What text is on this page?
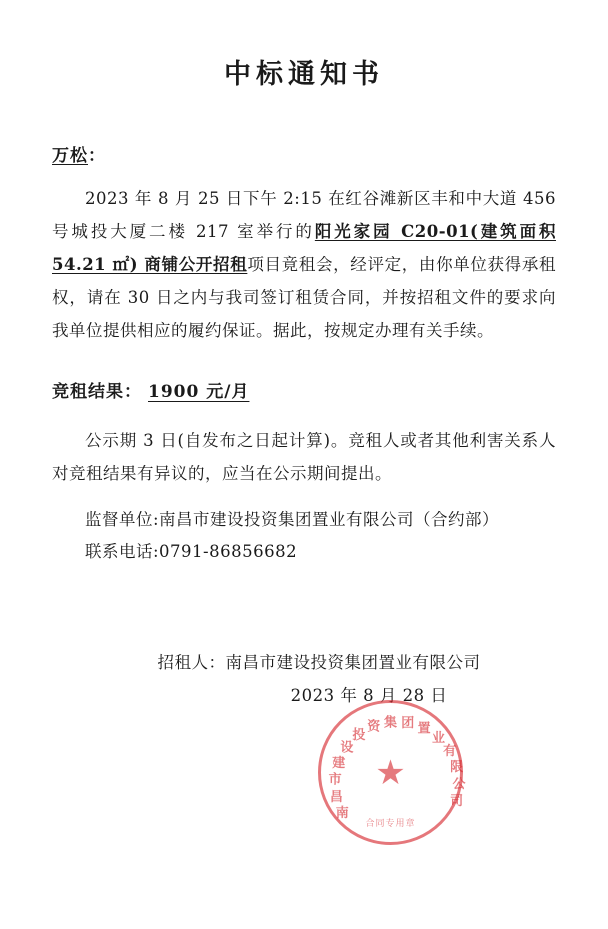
中标通知书
万松：
2023 年 8 月 25 日下午 2:15 在红谷滩新区丰和中大道 456 号城投大厦二楼 217 室举行的阳光家园 C20-01(建筑面积 54.21 ㎡) 商铺公开招租项目竟租会，经评定，由你单位获得承租权，请在 30 日之内与我司签订租赁合同，并按招租文件的要求向我单位提供相应的履约保证。据此，按规定办理有关手续。
竞租结果： 1900 元/月
公示期 3 日(自发布之日起计算)。竞租人或者其他利害关系人对竞租结果有异议的，应当在公示期间提出。
监督单位:南昌市建设投资集团置业有限公司（合约部）
联系电话:0791-86856682
招租人：南昌市建设投资集团置业有限公司
2023 年 8 月 28 日
南
昌
市
建
设
投
资 集 团 置
业
有
限
公
司
★
合同专用章
